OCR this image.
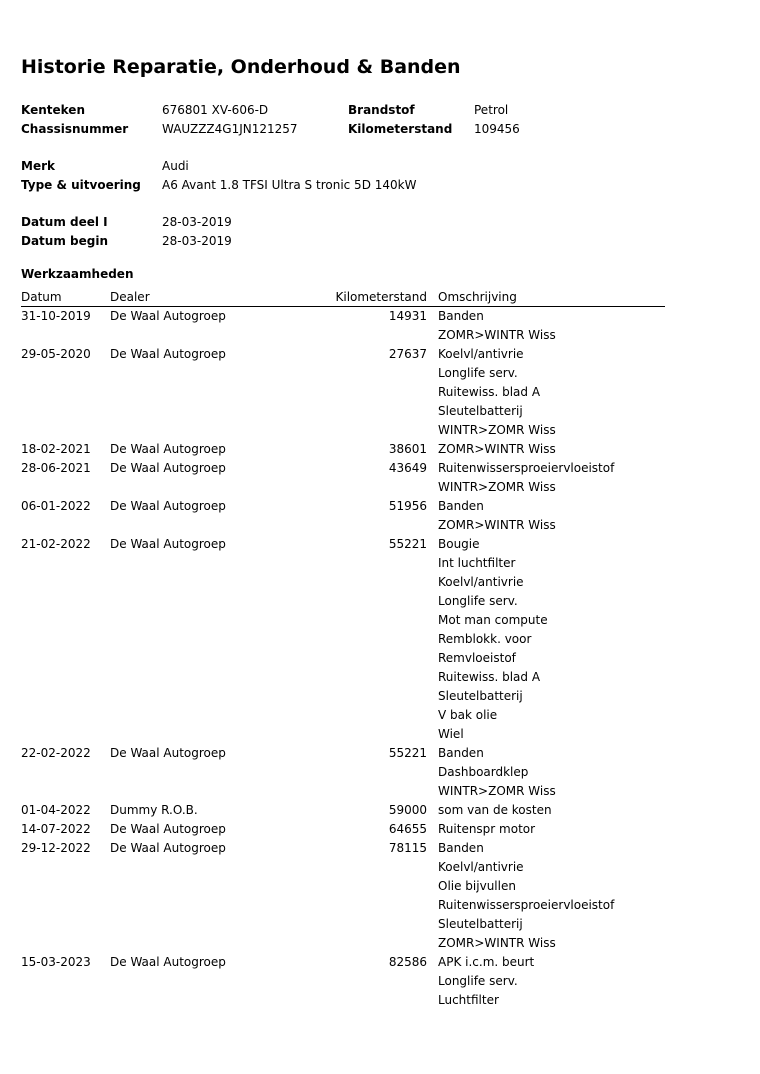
Historie Reparatie, Onderhoud & Banden
Kenteken	676801 XV-606-D	Brandstof	Petrol
Chassisnummer	WAUZZZ4G1JN121257	Kilometerstand 109456
Merk	Audi
Type & uitvoering A6 Avant 1.8 TFSI Ultra S tronic 5D 140kW
Datum deel I	28-03-2019
Datum begin	28-03-2019
Werkzaamheden
Datum	Dealer	Kilometerstand Omschrijving
31-10-2019 De Waal Autogroep	14931 Banden
ZOMR>WINTR Wiss
29-05-2020 De Waal Autogroep	27637 Koelvl/antivrie
Longlife serv.
Ruitewiss. blad A
Sleutelbatterij
WINTR>ZOMR Wiss
18-02-2021 De Waal Autogroep	38601 ZOMR>WINTR Wiss
28-06-2021 De Waal Autogroep	43649 Ruitenwissersproeiervloeistof
WINTR>ZOMR Wiss
06-01-2022 De Waal Autogroep	51956 Banden
ZOMR>WINTR Wiss
21-02-2022 De Waal Autogroep	55221 Bougie
Int luchtfilter
Koelvl/antivrie
Longlife serv.
Mot man compute
Remblokk. voor
Remvloeistof
Ruitewiss. blad A
Sleutelbatterij
V bak olie
Wiel
22-02-2022 De Waal Autogroep	55221 Banden
Dashboardklep
WINTR>ZOMR Wiss
01-04-2022 Dummy R.O.B.	59000 som van de kosten
14-07-2022 De Waal Autogroep	64655 Ruitenspr motor
29-12-2022 De Waal Autogroep	78115 Banden
Koelvl/antivrie
Olie bijvullen
Ruitenwissersproeiervloeistof
Sleutelbatterij
ZOMR>WINTR Wiss
15-03-2023 De Waal Autogroep	82586 APK i.c.m. beurt
Longlife serv.
Luchtfilter
